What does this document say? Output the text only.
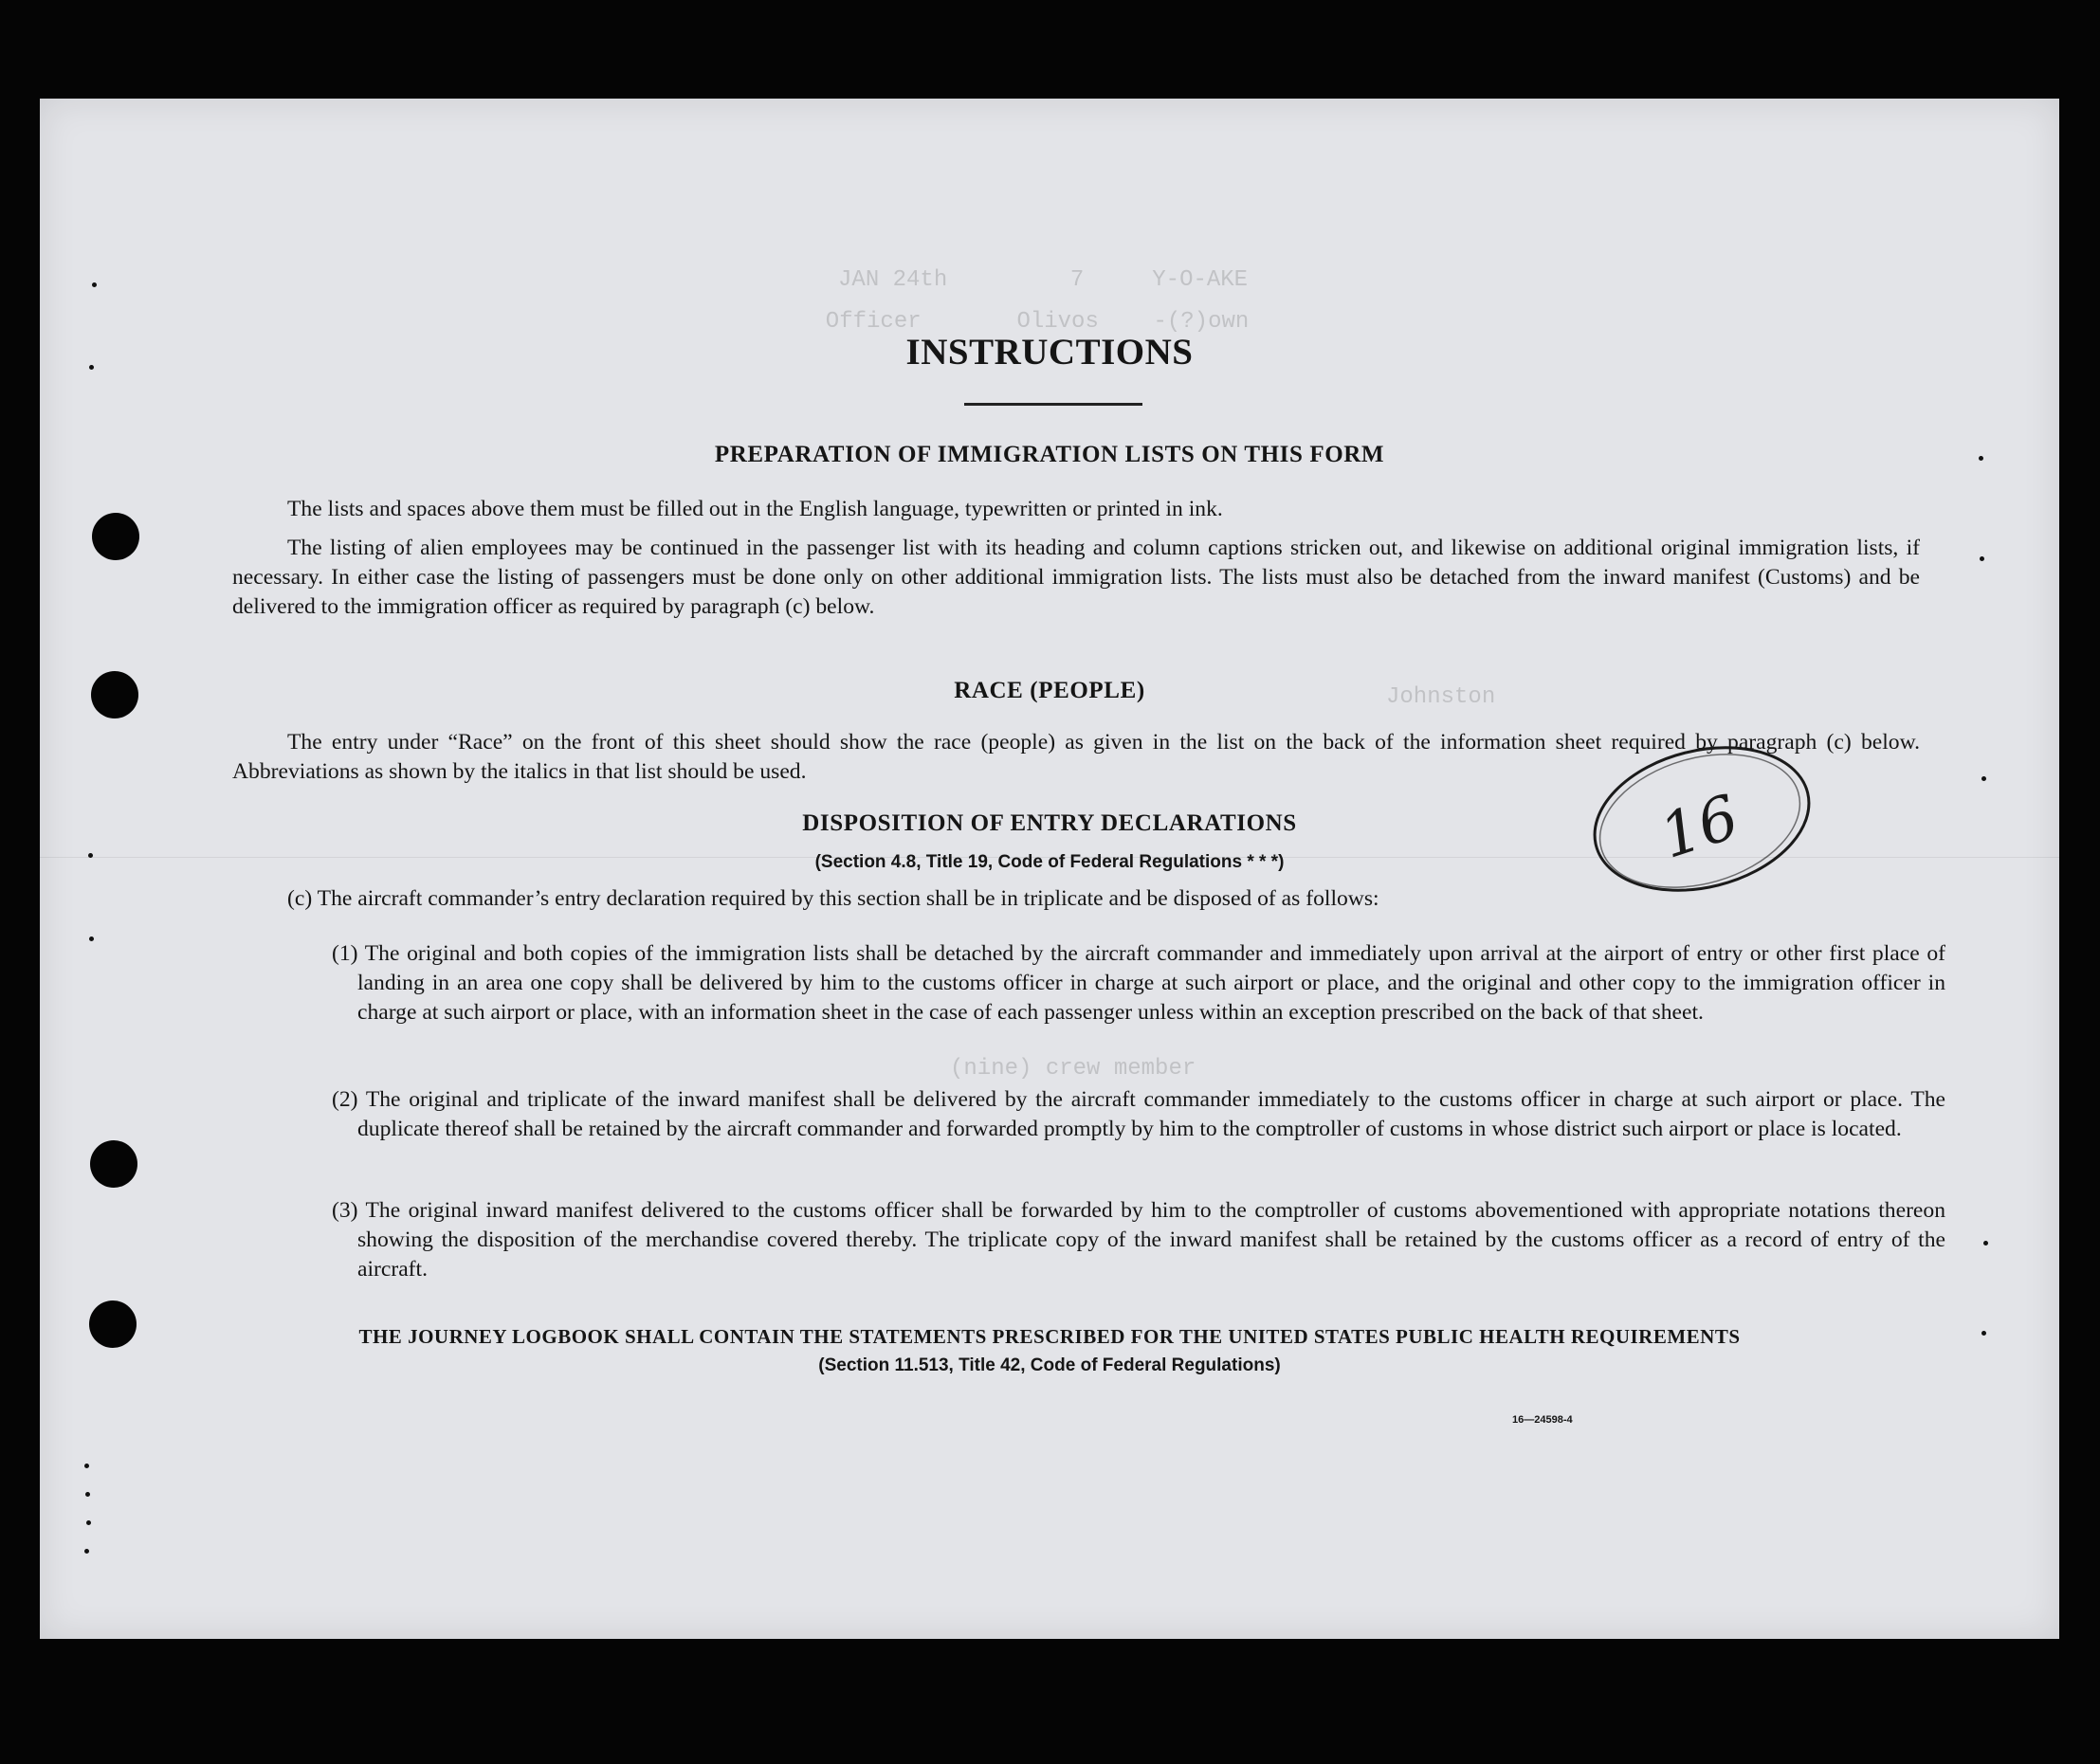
JAN 24th         7     Y-O-AKE
Officer       Olivos    -(?)own
Johnston
(nine) crew member
INSTRUCTIONS
PREPARATION OF IMMIGRATION LISTS ON THIS FORM

The lists and spaces above them must be filled out in the English language, typewritten or printed in ink.

The listing of alien employees may be continued in the passenger list with its heading and column captions stricken out, and likewise on additional original immigration lists, if necessary. In either case the listing of passengers must be done only on other additional immigration lists. The lists must also be detached from the inward manifest (Customs) and be delivered to the immigration officer as required by paragraph (c) below.

RACE (PEOPLE)

The entry under “Race” on the front of this sheet should show the race (people) as given in the list on the back of the information sheet required by paragraph (c) below. Abbreviations as shown by the italics in that list should be used.

DISPOSITION OF ENTRY DECLARATIONS

(Section 4.8, Title 19, Code of Federal Regulations * * *)

(c) The aircraft commander’s entry declaration required by this section shall be in triplicate and be disposed of as follows:

(1) The original and both copies of the immigration lists shall be detached by the aircraft commander and immediately upon arrival at the airport of entry or other first place of landing in an area one copy shall be delivered by him to the customs officer in charge at such airport or place, and the original and other copy to the immigration officer in charge at such airport or place, with an information sheet in the case of each passenger unless within an exception prescribed on the back of that sheet.

(2) The original and triplicate of the inward manifest shall be delivered by the aircraft commander immediately to the customs officer in charge at such airport or place. The duplicate thereof shall be retained by the aircraft commander and forwarded promptly by him to the comptroller of customs in whose district such airport or place is located.

(3) The original inward manifest delivered to the customs officer shall be forwarded by him to the comptroller of customs abovementioned with appropriate notations thereon showing the disposition of the merchandise covered thereby. The triplicate copy of the inward manifest shall be retained by the customs officer as a record of entry of the aircraft.

THE JOURNEY LOGBOOK SHALL CONTAIN THE STATEMENTS PRESCRIBED FOR THE UNITED STATES PUBLIC HEALTH REQUIREMENTS

(Section 11.513, Title 42, Code of Federal Regulations)

16—24598-4

16
